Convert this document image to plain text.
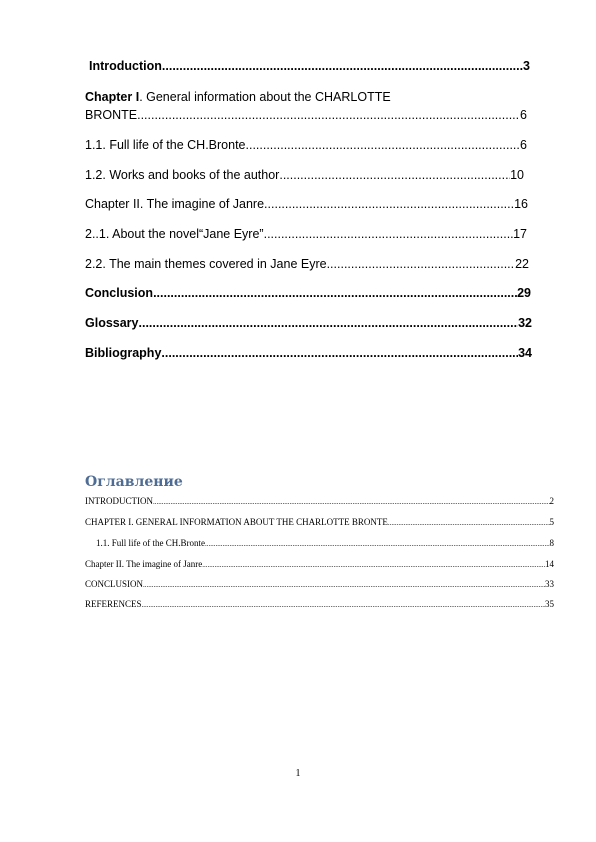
Introduction .....	3
Chapter I. General information about the CHARLOTTE
BRONTE .....	6
1.1. Full life of the CH.Bronte .....	6
1.2. Works and books of the author .....	10
Chapter II. The imagine of Janre .....	16
2..1. About the novel“Jane Eyre” .....	17
2.2. The main themes covered in Jane Eyre .....	22
Conclusion .....	29
Glossary .....	32
Bibliography .....	34
Оглавление
INTRODUCTION .....	2
CHAPTER I. GENERAL INFORMATION ABOUT THE CHARLOTTE BRONTE .....	5
1.1. Full life of the CH.Bronte .....	8
Chapter II. The imagine of Janre .....	14
CONCLUSION .....	33
REFERENCES .....	35
1
